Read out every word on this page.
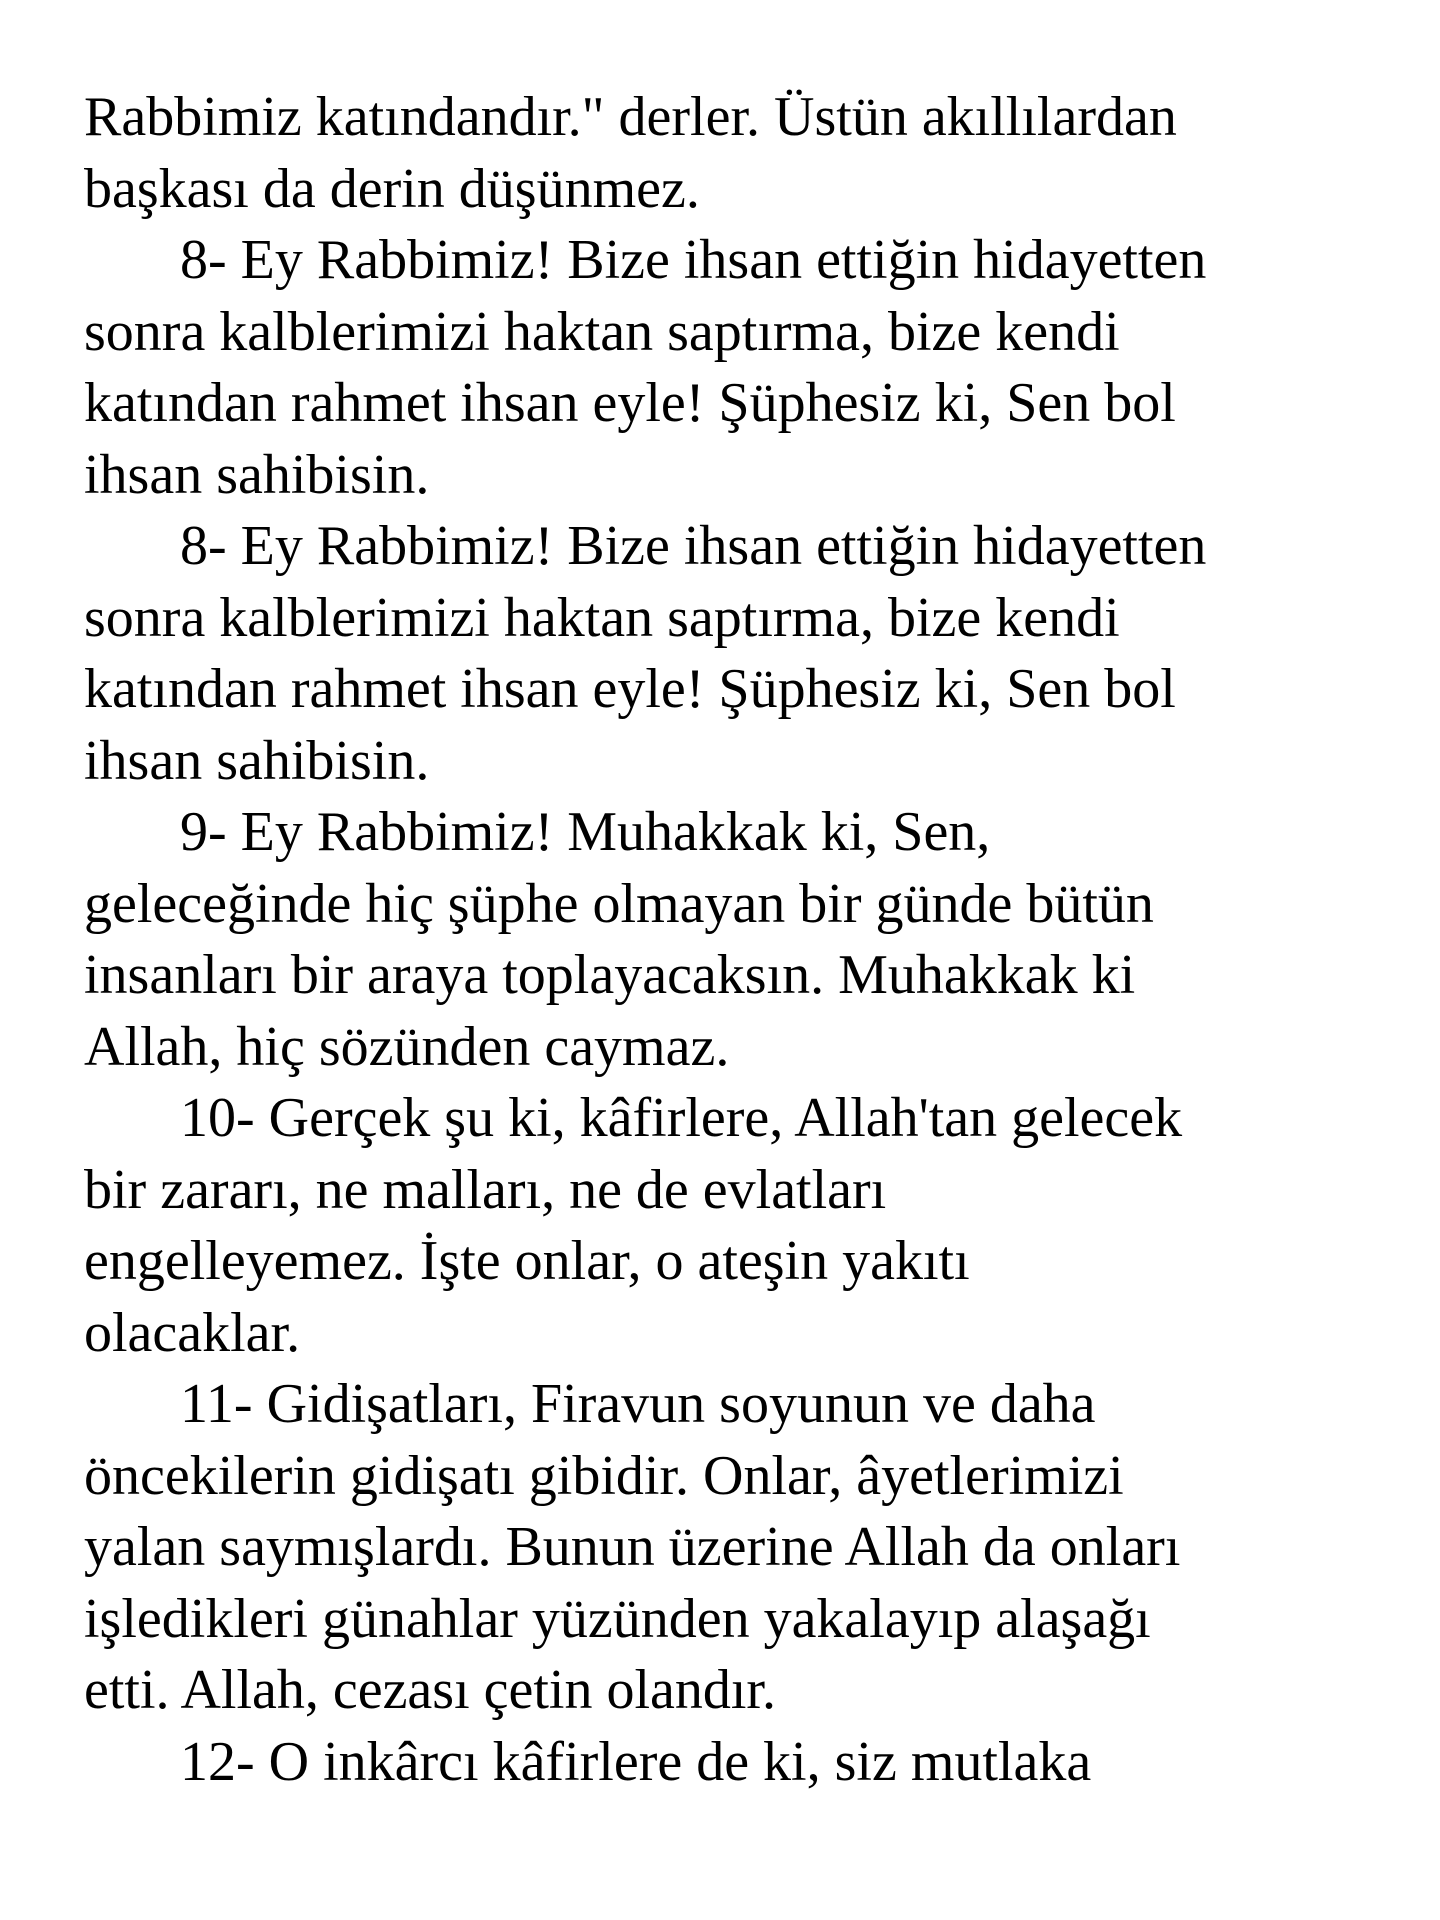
Rabbimiz katındandır." derler. Üstün akıllılardan
başkası da derin düşünmez.
8- Ey Rabbimiz! Bize ihsan ettiğin hidayetten
sonra kalblerimizi haktan saptırma, bize kendi
katından rahmet ihsan eyle! Şüphesiz ki, Sen bol
ihsan sahibisin.
8- Ey Rabbimiz! Bize ihsan ettiğin hidayetten
sonra kalblerimizi haktan saptırma, bize kendi
katından rahmet ihsan eyle! Şüphesiz ki, Sen bol
ihsan sahibisin.
9- Ey Rabbimiz! Muhakkak ki, Sen,
geleceğinde hiç şüphe olmayan bir günde bütün
insanları bir araya toplayacaksın. Muhakkak ki
Allah, hiç sözünden caymaz.
10- Gerçek şu ki, kâfirlere, Allah'tan gelecek
bir zararı, ne malları, ne de evlatları
engelleyemez. İşte onlar, o ateşin yakıtı
olacaklar.
11- Gidişatları, Firavun soyunun ve daha
öncekilerin gidişatı gibidir. Onlar, âyetlerimizi
yalan saymışlardı. Bunun üzerine Allah da onları
işledikleri günahlar yüzünden yakalayıp alaşağı
etti. Allah, cezası çetin olandır.
12- O inkârcı kâfirlere de ki, siz mutlaka
